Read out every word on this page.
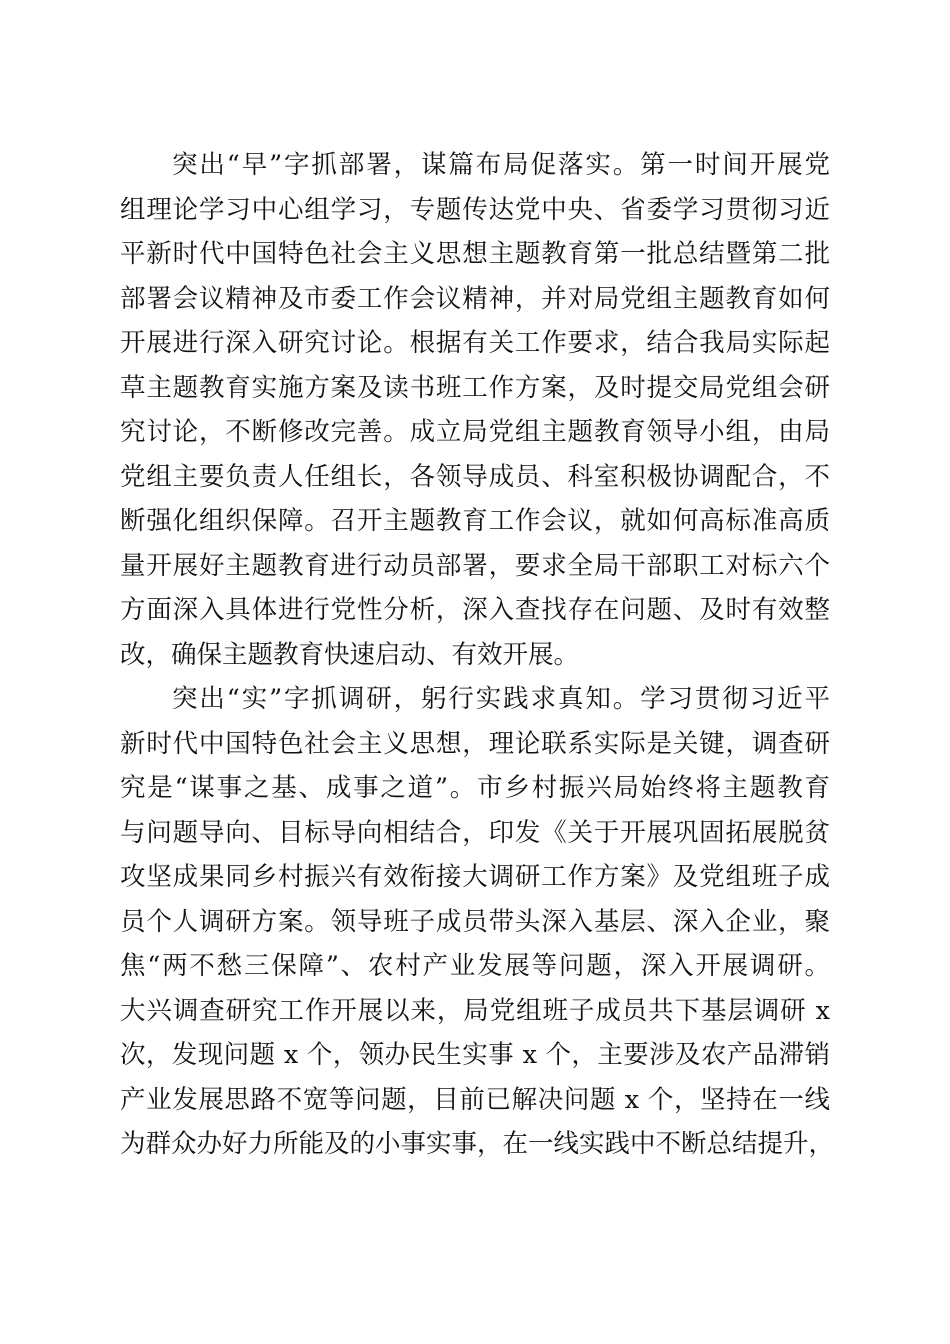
突出“早”字抓部署，谋篇布局促落实。第一时间开展党
组理论学习中心组学习，专题传达党中央、省委学习贯彻习近
平新时代中国特色社会主义思想主题教育第一批总结暨第二批
部署会议精神及市委工作会议精神，并对局党组主题教育如何
开展进行深入研究讨论。根据有关工作要求，结合我局实际起
草主题教育实施方案及读书班工作方案，及时提交局党组会研
究讨论，不断修改完善。成立局党组主题教育领导小组，由局
党组主要负责人任组长，各领导成员、科室积极协调配合，不
断强化组织保障。召开主题教育工作会议，就如何高标准高质
量开展好主题教育进行动员部署，要求全局干部职工对标六个
方面深入具体进行党性分析，深入查找存在问题、及时有效整
改，确保主题教育快速启动、有效开展。
突出“实”字抓调研，躬行实践求真知。学习贯彻习近平
新时代中国特色社会主义思想，理论联系实际是关键，调查研
究是“谋事之基、成事之道”。市乡村振兴局始终将主题教育
与问题导向、目标导向相结合，印发《关于开展巩固拓展脱贫
攻坚成果同乡村振兴有效衔接大调研工作方案》及党组班子成
员个人调研方案。领导班子成员带头深入基层、深入企业，聚
焦“两不愁三保障”、农村产业发展等问题，深入开展调研。
大兴调查研究工作开展以来，局党组班子成员共下基层调研 x
次，发现问题 x 个，领办民生实事 x 个，主要涉及农产品滞销
产业发展思路不宽等问题，目前已解决问题 x 个，坚持在一线
为群众办好力所能及的小事实事，在一线实践中不断总结提升，
